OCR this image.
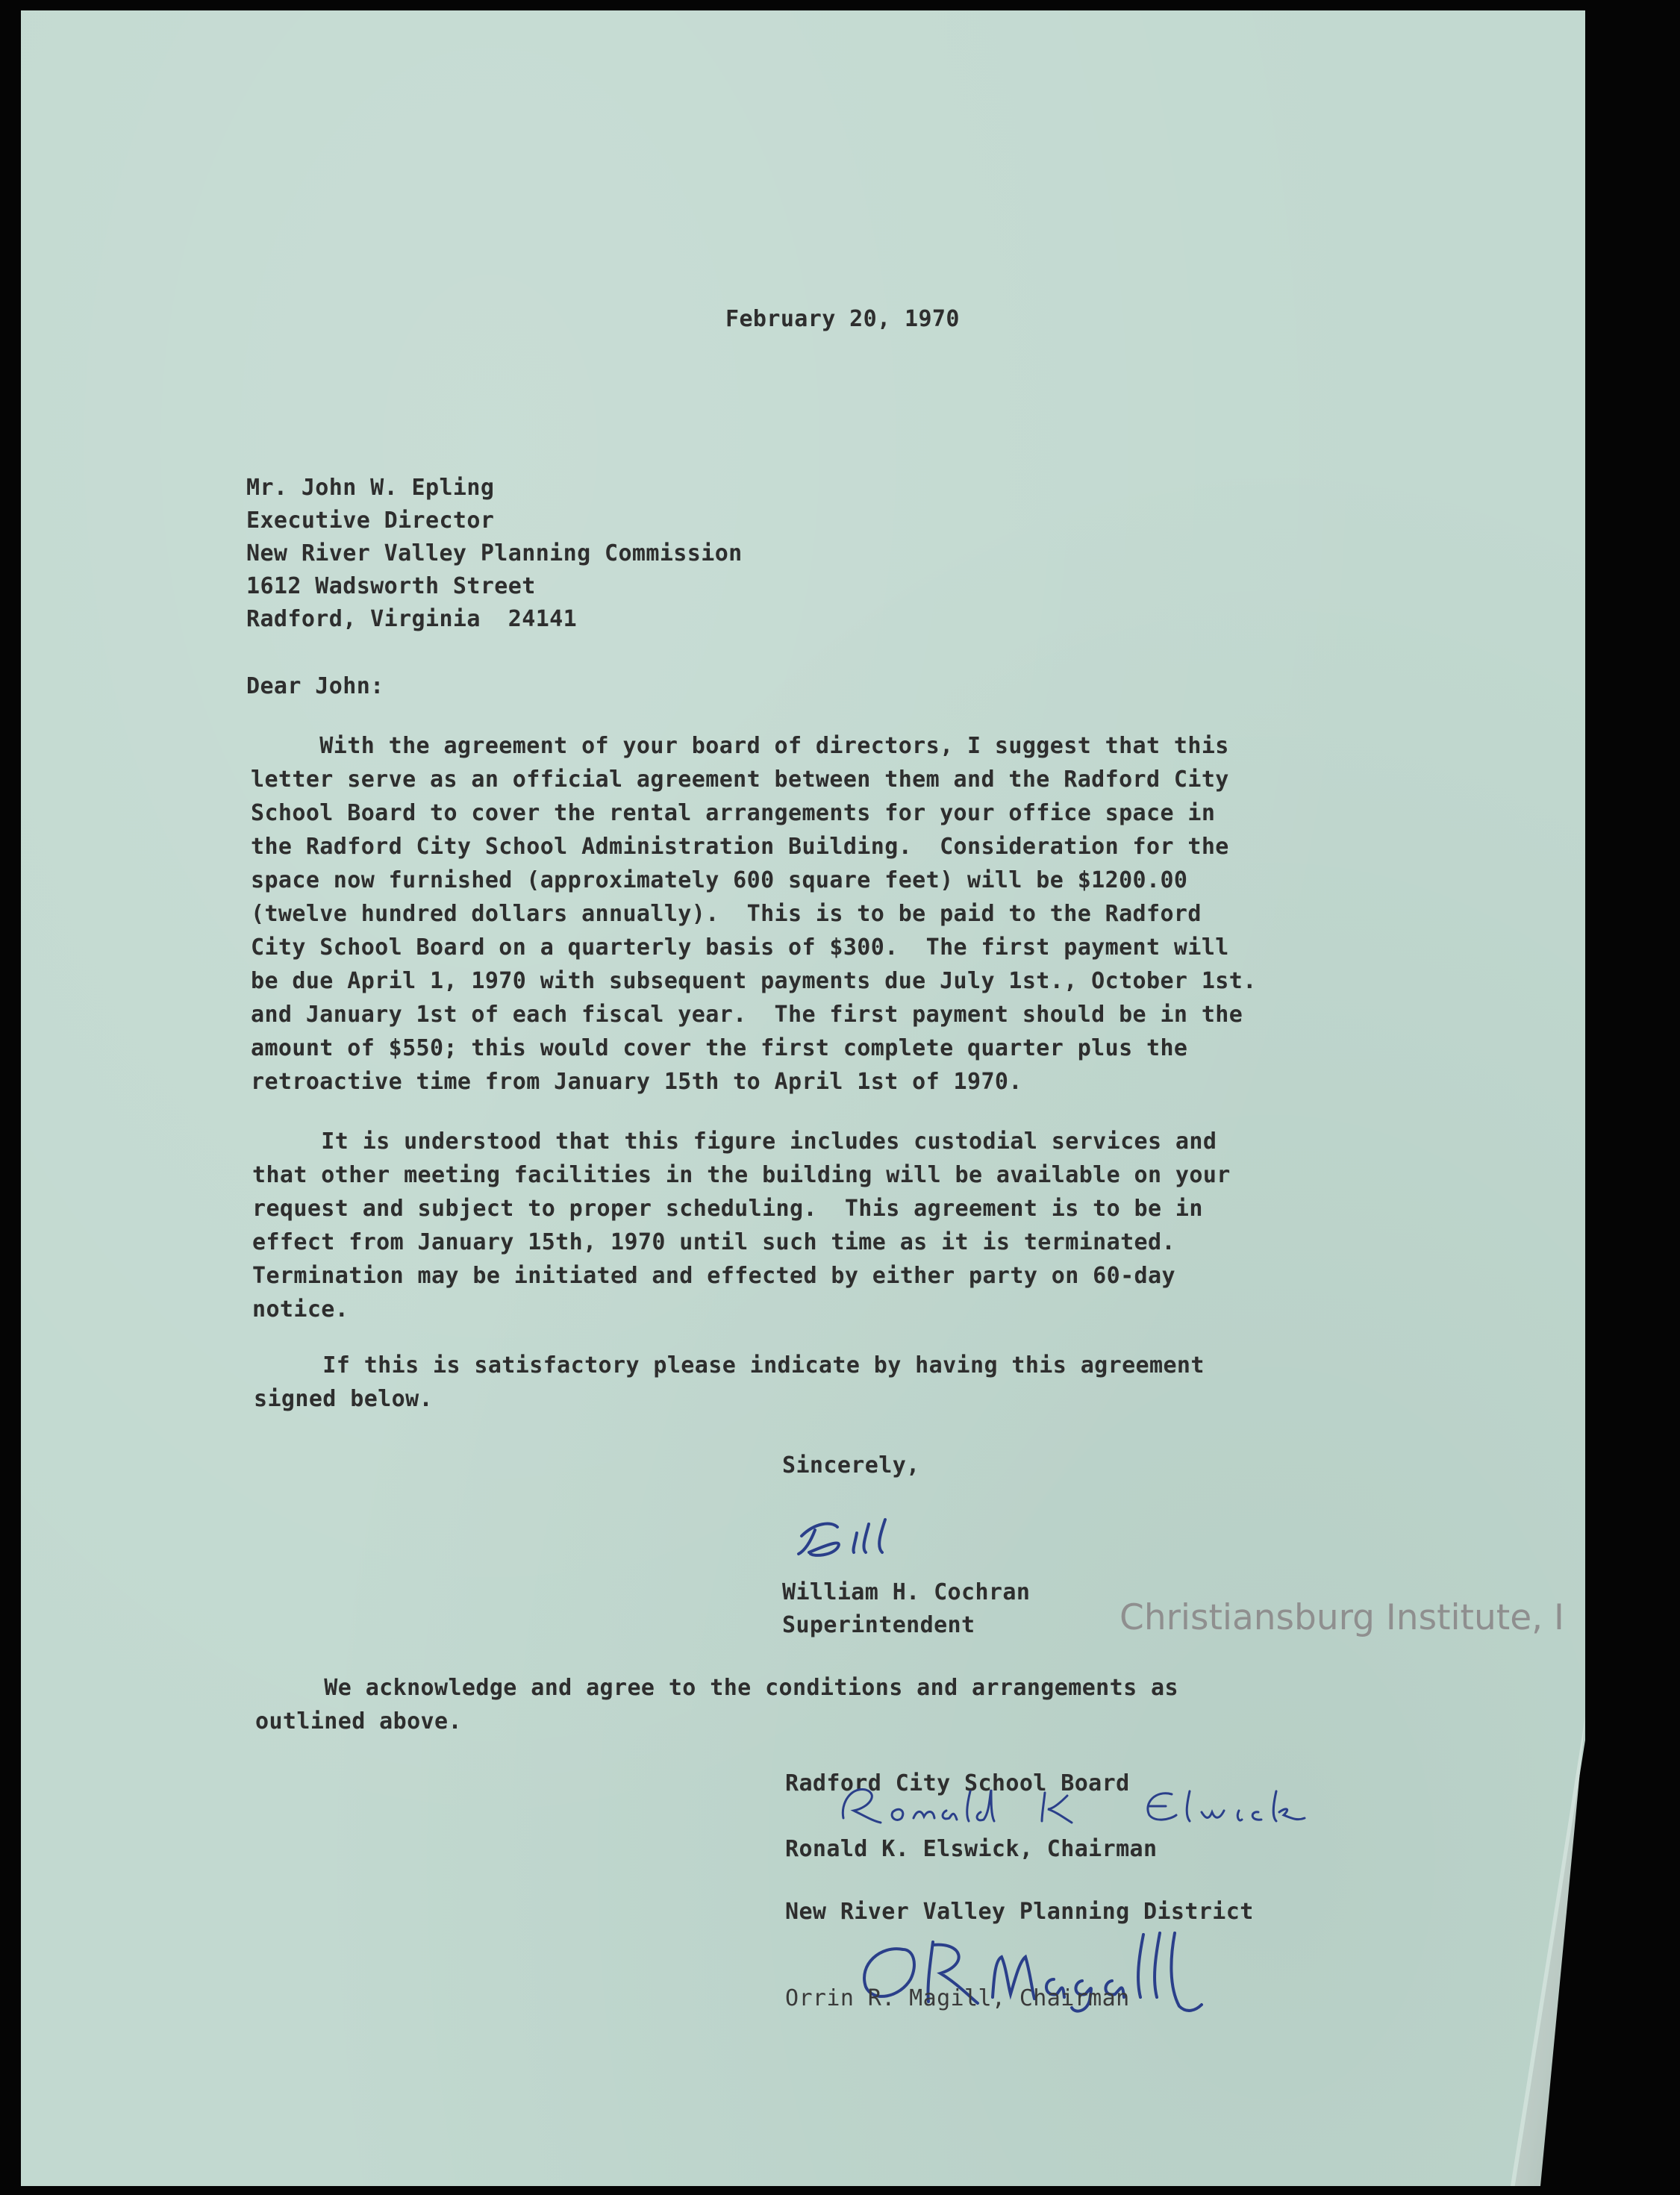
February 20, 1970
Mr. John W. Epling
Executive Director
New River Valley Planning Commission
1612 Wadsworth Street
Radford, Virginia  24141
Dear John:
With the agreement of your board of directors, I suggest that this
letter serve as an official agreement between them and the Radford City
School Board to cover the rental arrangements for your office space in
the Radford City School Administration Building.  Consideration for the
space now furnished (approximately 600 square feet) will be $1200.00
(twelve hundred dollars annually).  This is to be paid to the Radford
City School Board on a quarterly basis of $300.  The first payment will
be due April 1, 1970 with subsequent payments due July 1st., October 1st.
and January 1st of each fiscal year.  The first payment should be in the
amount of $550; this would cover the first complete quarter plus the
retroactive time from January 15th to April 1st of 1970.
It is understood that this figure includes custodial services and
that other meeting facilities in the building will be available on your
request and subject to proper scheduling.  This agreement is to be in
effect from January 15th, 1970 until such time as it is terminated.
Termination may be initiated and effected by either party on 60-day
notice.
If this is satisfactory please indicate by having this agreement
signed below.
Sincerely,
William H. Cochran
Superintendent
We acknowledge and agree to the conditions and arrangements as
outlined above.
Radford City School Board
Ronald K. Elswick, Chairman
New River Valley Planning District
Orrin R. Magill, Chairman
Christiansburg Institute, I
